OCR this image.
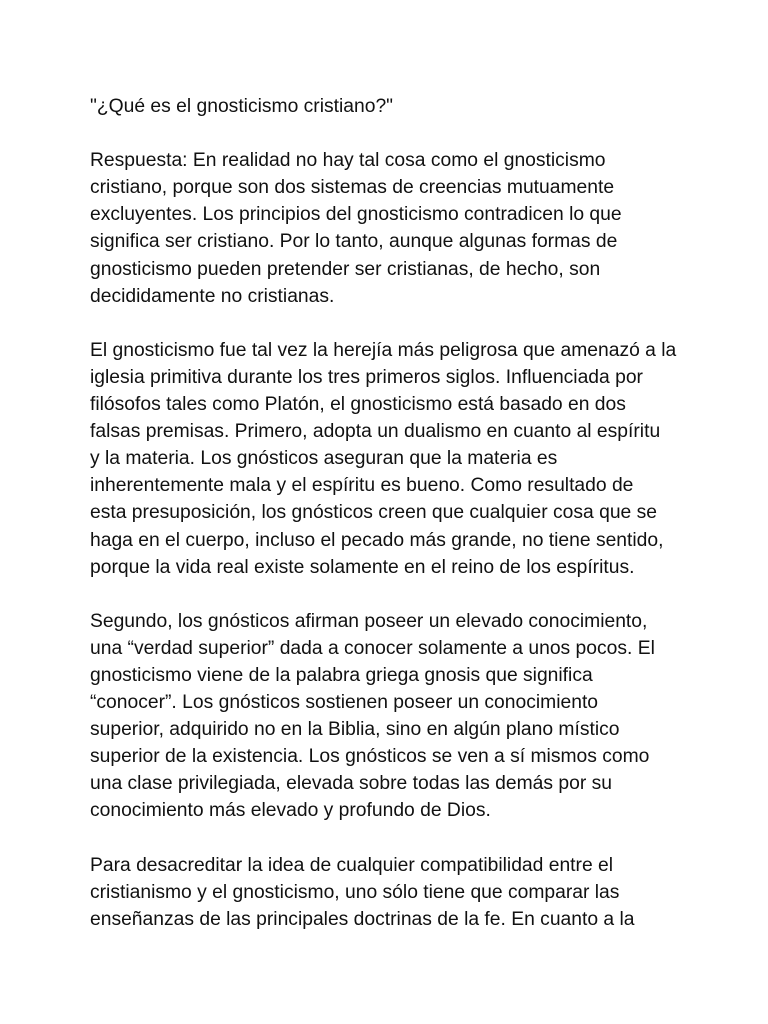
"¿Qué es el gnosticismo cristiano?"

Respuesta: En realidad no hay tal cosa como el gnosticismo
cristiano, porque son dos sistemas de creencias mutuamente
excluyentes. Los principios del gnosticismo contradicen lo que
significa ser cristiano. Por lo tanto, aunque algunas formas de
gnosticismo pueden pretender ser cristianas, de hecho, son
decididamente no cristianas.

El gnosticismo fue tal vez la herejía más peligrosa que amenazó a la
iglesia primitiva durante los tres primeros siglos. Influenciada por
filósofos tales como Platón, el gnosticismo está basado en dos
falsas premisas. Primero, adopta un dualismo en cuanto al espíritu
y la materia. Los gnósticos aseguran que la materia es
inherentemente mala y el espíritu es bueno. Como resultado de
esta presuposición, los gnósticos creen que cualquier cosa que se
haga en el cuerpo, incluso el pecado más grande, no tiene sentido,
porque la vida real existe solamente en el reino de los espíritus.

Segundo, los gnósticos afirman poseer un elevado conocimiento,
una “verdad superior” dada a conocer solamente a unos pocos. El
gnosticismo viene de la palabra griega gnosis que significa
“conocer”. Los gnósticos sostienen poseer un conocimiento
superior, adquirido no en la Biblia, sino en algún plano místico
superior de la existencia. Los gnósticos se ven a sí mismos como
una clase privilegiada, elevada sobre todas las demás por su
conocimiento más elevado y profundo de Dios.

Para desacreditar la idea de cualquier compatibilidad entre el
cristianismo y el gnosticismo, uno sólo tiene que comparar las
enseñanzas de las principales doctrinas de la fe. En cuanto a la
